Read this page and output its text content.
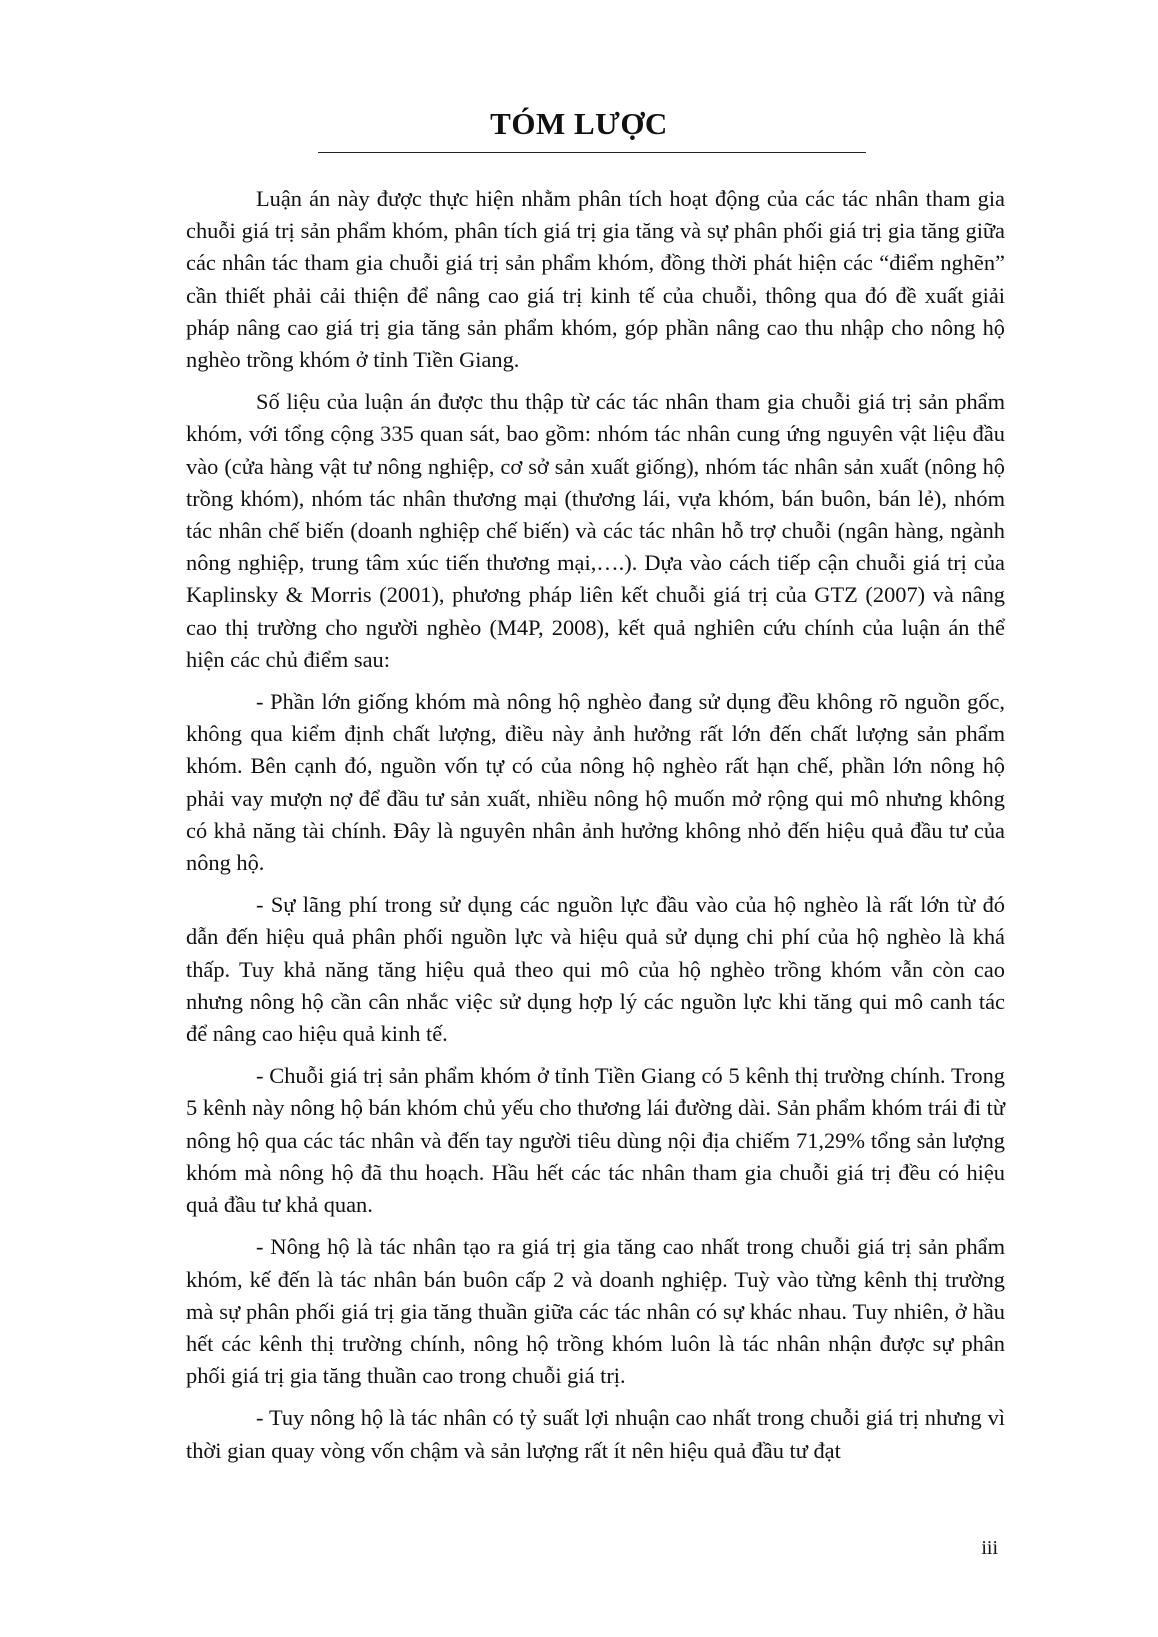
TÓM LƯỢC

Luận án này được thực hiện nhằm phân tích hoạt động của các tác nhân tham gia chuỗi giá trị sản phẩm khóm, phân tích giá trị gia tăng và sự phân phối giá trị gia tăng giữa các nhân tác tham gia chuỗi giá trị sản phẩm khóm, đồng thời phát hiện các “điểm nghẽn” cần thiết phải cải thiện để nâng cao giá trị kinh tế của chuỗi, thông qua đó đề xuất giải pháp nâng cao giá trị gia tăng sản phẩm khóm, góp phần nâng cao thu nhập cho nông hộ nghèo trồng khóm ở tỉnh Tiền Giang.

Số liệu của luận án được thu thập từ các tác nhân tham gia chuỗi giá trị sản phẩm khóm, với tổng cộng 335 quan sát, bao gồm: nhóm tác nhân cung ứng nguyên vật liệu đầu vào (cửa hàng vật tư nông nghiệp, cơ sở sản xuất giống), nhóm tác nhân sản xuất (nông hộ trồng khóm), nhóm tác nhân thương mại (thương lái, vựa khóm, bán buôn, bán lẻ), nhóm tác nhân chế biến (doanh nghiệp chế biến) và các tác nhân hỗ trợ chuỗi (ngân hàng, ngành nông nghiệp, trung tâm xúc tiến thương mại,….). Dựa vào cách tiếp cận chuỗi giá trị của Kaplinsky & Morris (2001), phương pháp liên kết chuỗi giá trị của GTZ (2007) và nâng cao thị trường cho người nghèo (M4P, 2008), kết quả nghiên cứu chính của luận án thể hiện các chủ điểm sau:

- Phần lớn giống khóm mà nông hộ nghèo đang sử dụng đều không rõ nguồn gốc, không qua kiểm định chất lượng, điều này ảnh hưởng rất lớn đến chất lượng sản phẩm khóm. Bên cạnh đó, nguồn vốn tự có của nông hộ nghèo rất hạn chế, phần lớn nông hộ phải vay mượn nợ để đầu tư sản xuất, nhiều nông hộ muốn mở rộng qui mô nhưng không có khả năng tài chính. Đây là nguyên nhân ảnh hưởng không nhỏ đến hiệu quả đầu tư của nông hộ.

- Sự lãng phí trong sử dụng các nguồn lực đầu vào của hộ nghèo là rất lớn từ đó dẫn đến hiệu quả phân phối nguồn lực và hiệu quả sử dụng chi phí của hộ nghèo là khá thấp. Tuy khả năng tăng hiệu quả theo qui mô của hộ nghèo trồng khóm vẫn còn cao nhưng nông hộ cần cân nhắc việc sử dụng hợp lý các nguồn lực khi tăng qui mô canh tác để nâng cao hiệu quả kinh tế.

- Chuỗi giá trị sản phẩm khóm ở tỉnh Tiền Giang có 5 kênh thị trường chính. Trong 5 kênh này nông hộ bán khóm chủ yếu cho thương lái đường dài. Sản phẩm khóm trái đi từ nông hộ qua các tác nhân và đến tay người tiêu dùng nội địa chiếm 71,29% tổng sản lượng khóm mà nông hộ đã thu hoạch. Hầu hết các tác nhân tham gia chuỗi giá trị đều có hiệu quả đầu tư khả quan.

- Nông hộ là tác nhân tạo ra giá trị gia tăng cao nhất trong chuỗi giá trị sản phẩm khóm, kế đến là tác nhân bán buôn cấp 2 và doanh nghiệp. Tuỳ vào từng kênh thị trường mà sự phân phối giá trị gia tăng thuần giữa các tác nhân có sự khác nhau. Tuy nhiên, ở hầu hết các kênh thị trường chính, nông hộ trồng khóm luôn là tác nhân nhận được sự phân phối giá trị gia tăng thuần cao trong chuỗi giá trị.

- Tuy nông hộ là tác nhân có tỷ suất lợi nhuận cao nhất trong chuỗi giá trị nhưng vì thời gian quay vòng vốn chậm và sản lượng rất ít nên hiệu quả đầu tư đạt

iii
